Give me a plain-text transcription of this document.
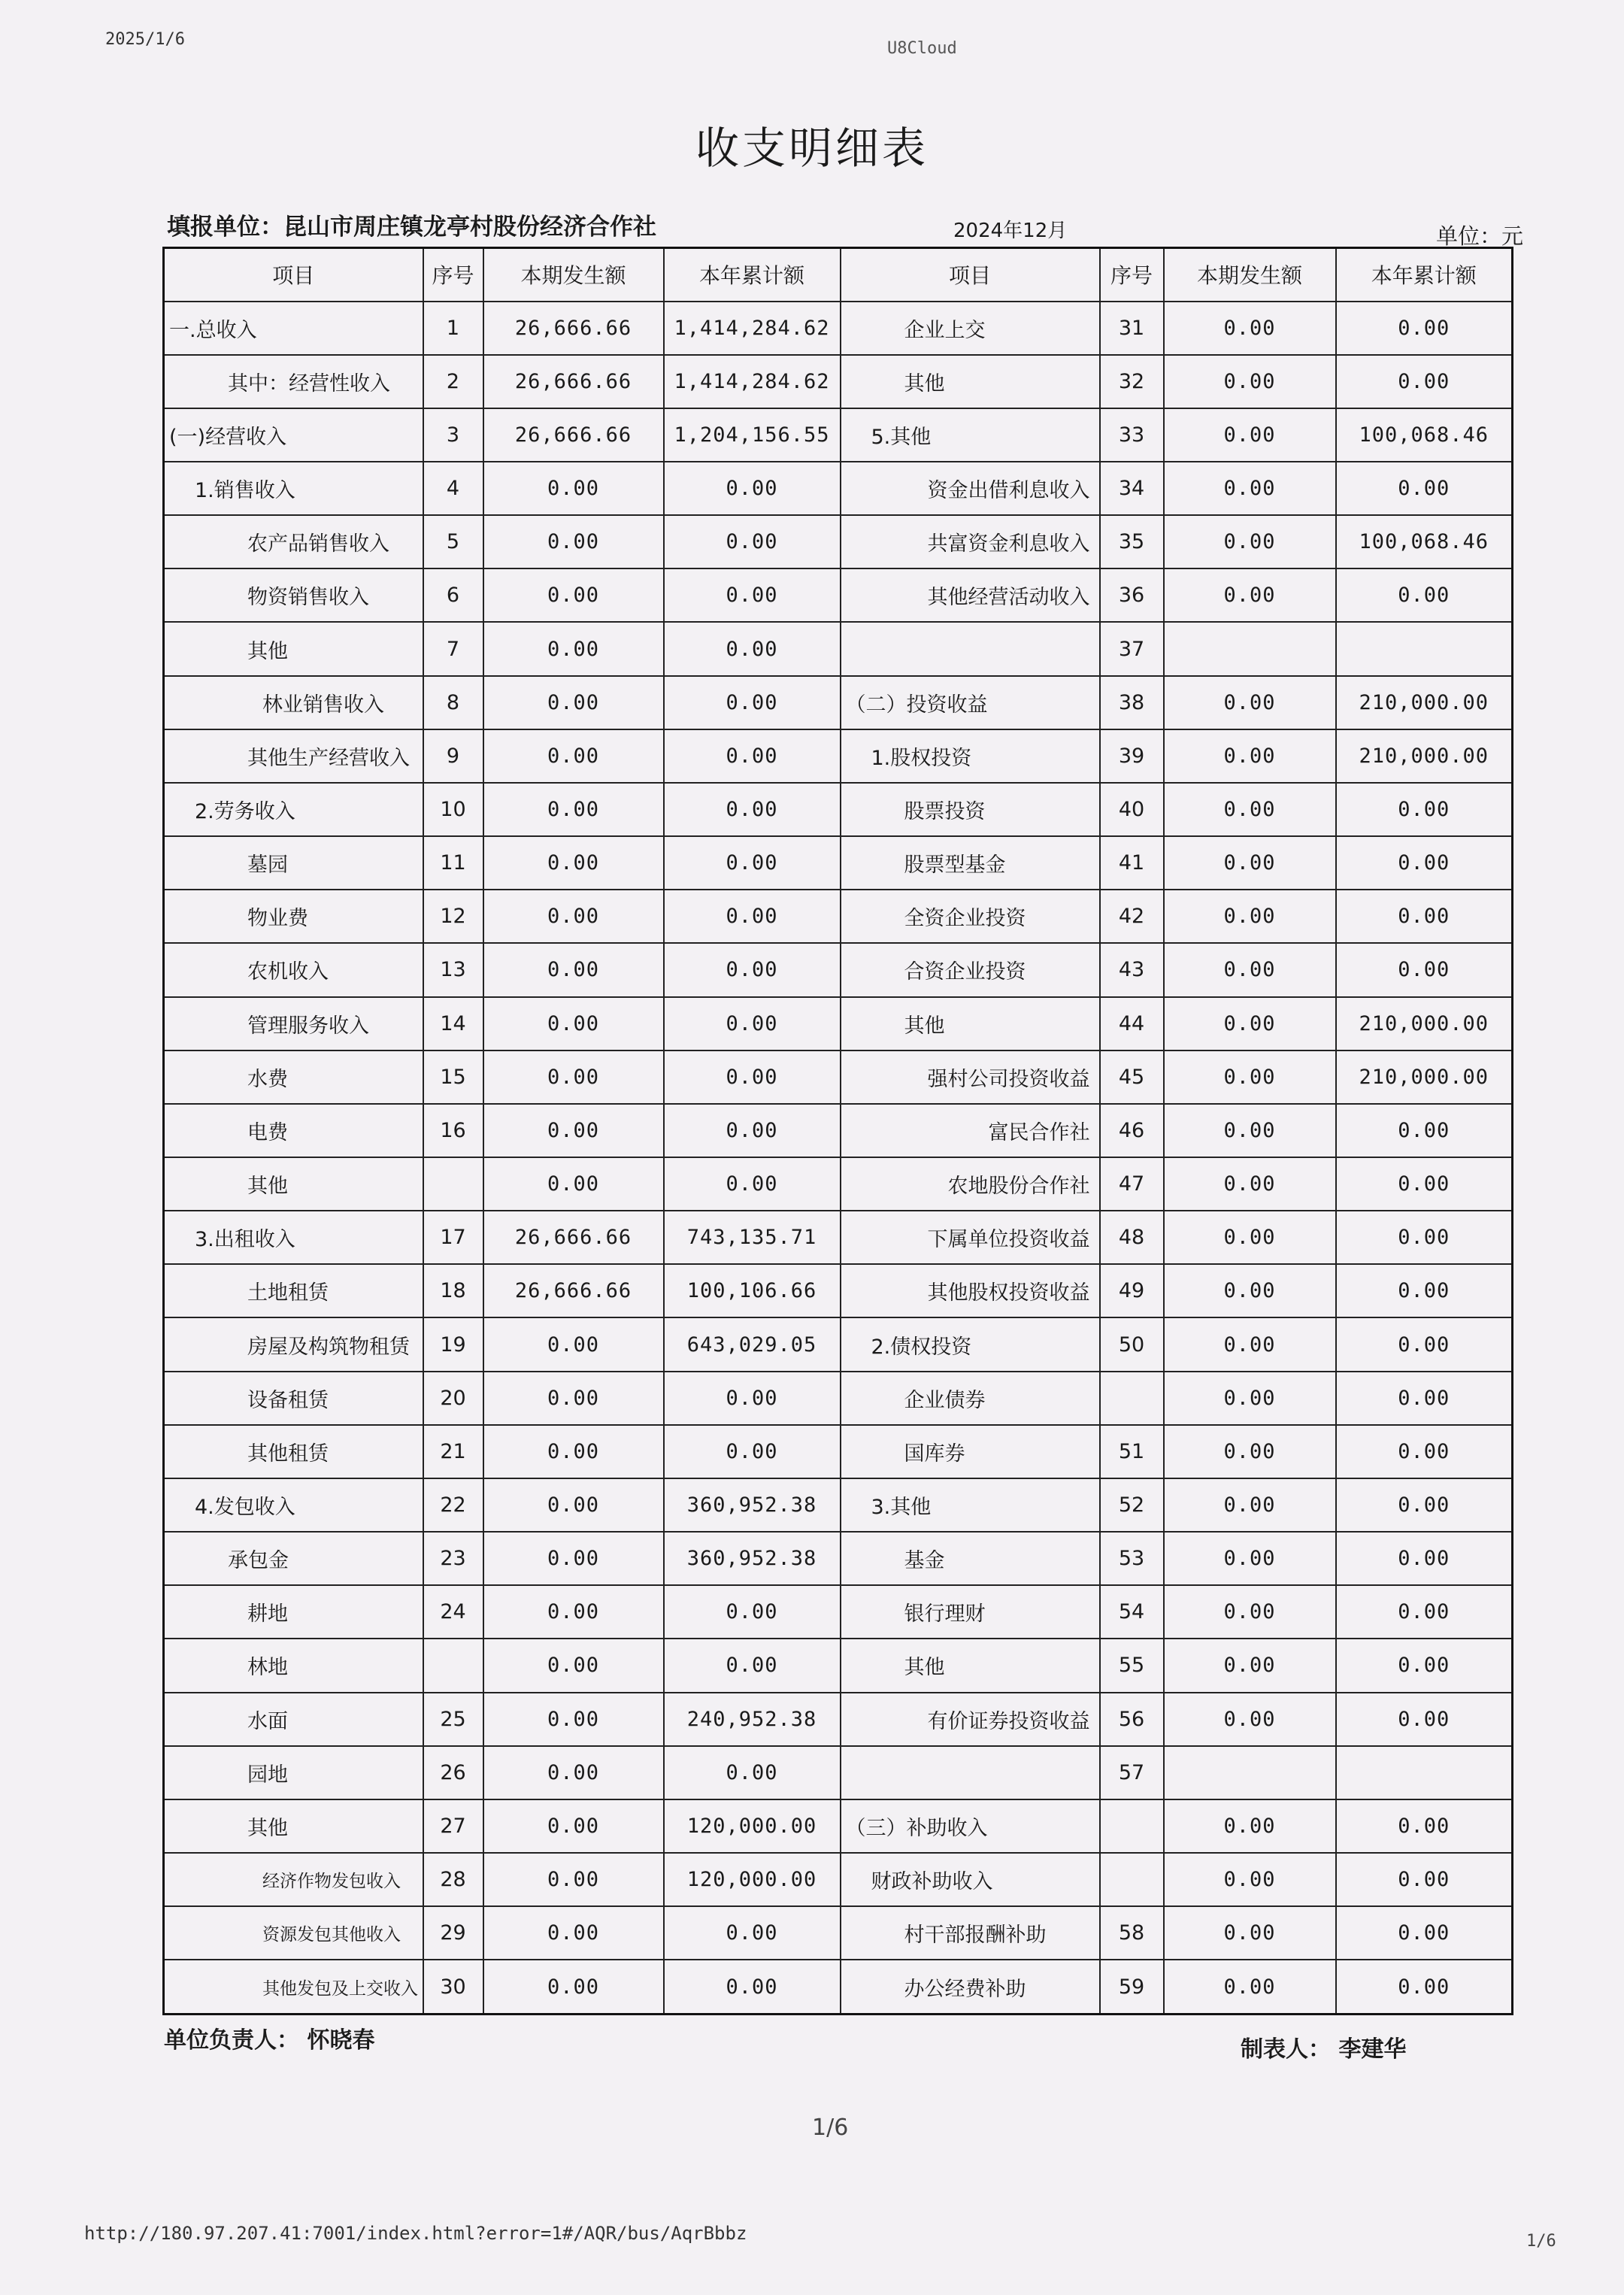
2025/1/6	U8Cloud
收支明细表
填报单位：昆山市周庄镇龙亭村股份经济合作社	2024年12月	单位：元
项目	序号	本期发生额	本年累计额	项目	序号	本期发生额	本年累计额
一.总收入	1	26,666.66	1,414,284.62	企业上交	31	0.00	0.00
其中：经营性收入	2	26,666.66	1,414,284.62	其他	32	0.00	0.00
(一)经营收入	3	26,666.66	1,204,156.55	5.其他	33	0.00	100,068.46
1.销售收入	4	0.00	0.00	资金出借利息收入	34	0.00	0.00
农产品销售收入	5	0.00	0.00	共富资金利息收入	35	0.00	100,068.46
物资销售收入	6	0.00	0.00	其他经营活动收入	36	0.00	0.00
其他	7	0.00	0.00		37		
林业销售收入	8	0.00	0.00	（二）投资收益	38	0.00	210,000.00
其他生产经营收入	9	0.00	0.00	1.股权投资	39	0.00	210,000.00
2.劳务收入	10	0.00	0.00	股票投资	40	0.00	0.00
墓园	11	0.00	0.00	股票型基金	41	0.00	0.00
物业费	12	0.00	0.00	全资企业投资	42	0.00	0.00
农机收入	13	0.00	0.00	合资企业投资	43	0.00	0.00
管理服务收入	14	0.00	0.00	其他	44	0.00	210,000.00
水费	15	0.00	0.00	强村公司投资收益	45	0.00	210,000.00
电费	16	0.00	0.00	富民合作社	46	0.00	0.00
其他		0.00	0.00	农地股份合作社	47	0.00	0.00
3.出租收入	17	26,666.66	743,135.71	下属单位投资收益	48	0.00	0.00
土地租赁	18	26,666.66	100,106.66	其他股权投资收益	49	0.00	0.00
房屋及构筑物租赁	19	0.00	643,029.05	2.债权投资	50	0.00	0.00
设备租赁	20	0.00	0.00	企业债券		0.00	0.00
其他租赁	21	0.00	0.00	国库券	51	0.00	0.00
4.发包收入	22	0.00	360,952.38	3.其他	52	0.00	0.00
承包金	23	0.00	360,952.38	基金	53	0.00	0.00
耕地	24	0.00	0.00	银行理财	54	0.00	0.00
林地		0.00	0.00	其他	55	0.00	0.00
水面	25	0.00	240,952.38	有价证券投资收益	56	0.00	0.00
园地	26	0.00	0.00		57		
其他	27	0.00	120,000.00	（三）补助收入		0.00	0.00
经济作物发包收入	28	0.00	120,000.00	财政补助收入		0.00	0.00
资源发包其他收入	29	0.00	0.00	村干部报酬补助	58	0.00	0.00
其他发包及上交收入	30	0.00	0.00	办公经费补助	59	0.00	0.00
单位负责人： 怀晓春	制表人： 李建华
1/6
http://180.97.207.41:7001/index.html?error=1#/AQR/bus/AqrBbbz	1/6
